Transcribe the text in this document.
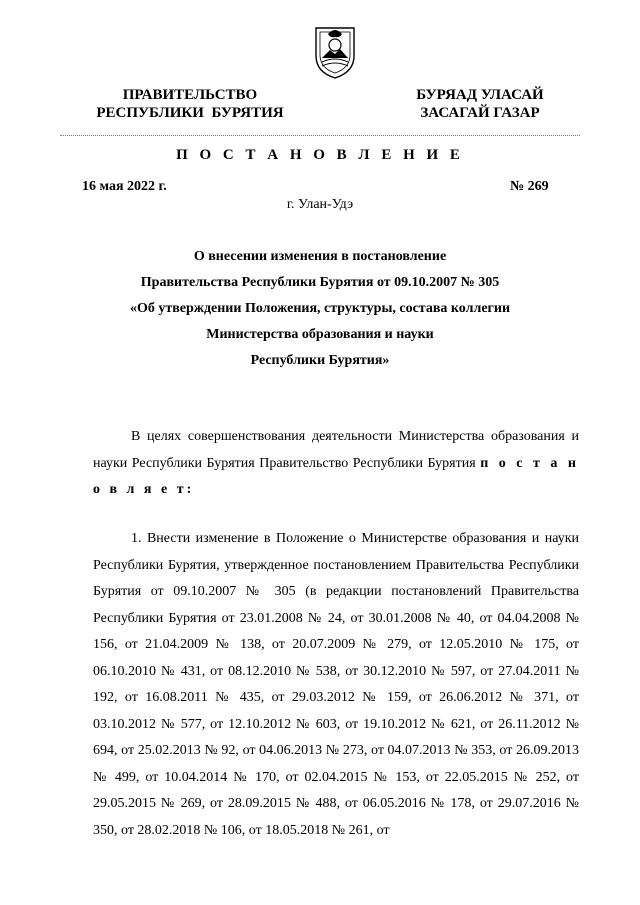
ПРАВИТЕЛЬСТВО
РЕСПУБЛИКИ  БУРЯТИЯ
БУРЯАД УЛАСАЙ
ЗАСАГАЙ ГАЗАР
П О С Т А Н О В Л Е Н И Е
16 мая 2022 г.	№ 269
г. Улан-Удэ
О внесении изменения в постановление
Правительства Республики Бурятия от 09.10.2007 № 305
«Об утверждении Положения, структуры, состава коллегии
Министерства образования и науки
Республики Бурятия»

В целях совершенствования деятельности Министерства образования и науки Республики Бурятия Правительство Республики Бурятия п о с т а н о в л я е т:

1. Внести изменение в Положение о Министерстве образования и науки Республики Бурятия, утвержденное постановлением Правительства Республики Бурятия от 09.10.2007 № 305 (в редакции постановлений Правительства Республики Бурятия от 23.01.2008 № 24, от 30.01.2008 № 40, от 04.04.2008 № 156, от 21.04.2009 № 138, от 20.07.2009 № 279, от 12.05.2010 № 175, от 06.10.2010 № 431, от 08.12.2010 № 538, от 30.12.2010 № 597, от 27.04.2011 № 192, от 16.08.2011 № 435, от 29.03.2012 № 159, от 26.06.2012 № 371, от 03.10.2012 № 577, от 12.10.2012 № 603, от 19.10.2012 № 621, от 26.11.2012 № 694, от 25.02.2013 № 92, от 04.06.2013 № 273, от 04.07.2013 № 353, от 26.09.2013 № 499, от 10.04.2014 № 170, от 02.04.2015 № 153, от 22.05.2015 № 252, от 29.05.2015 № 269, от 28.09.2015 № 488, от 06.05.2016 № 178, от 29.07.2016 № 350, от 28.02.2018 № 106, от 18.05.2018 № 261, от
